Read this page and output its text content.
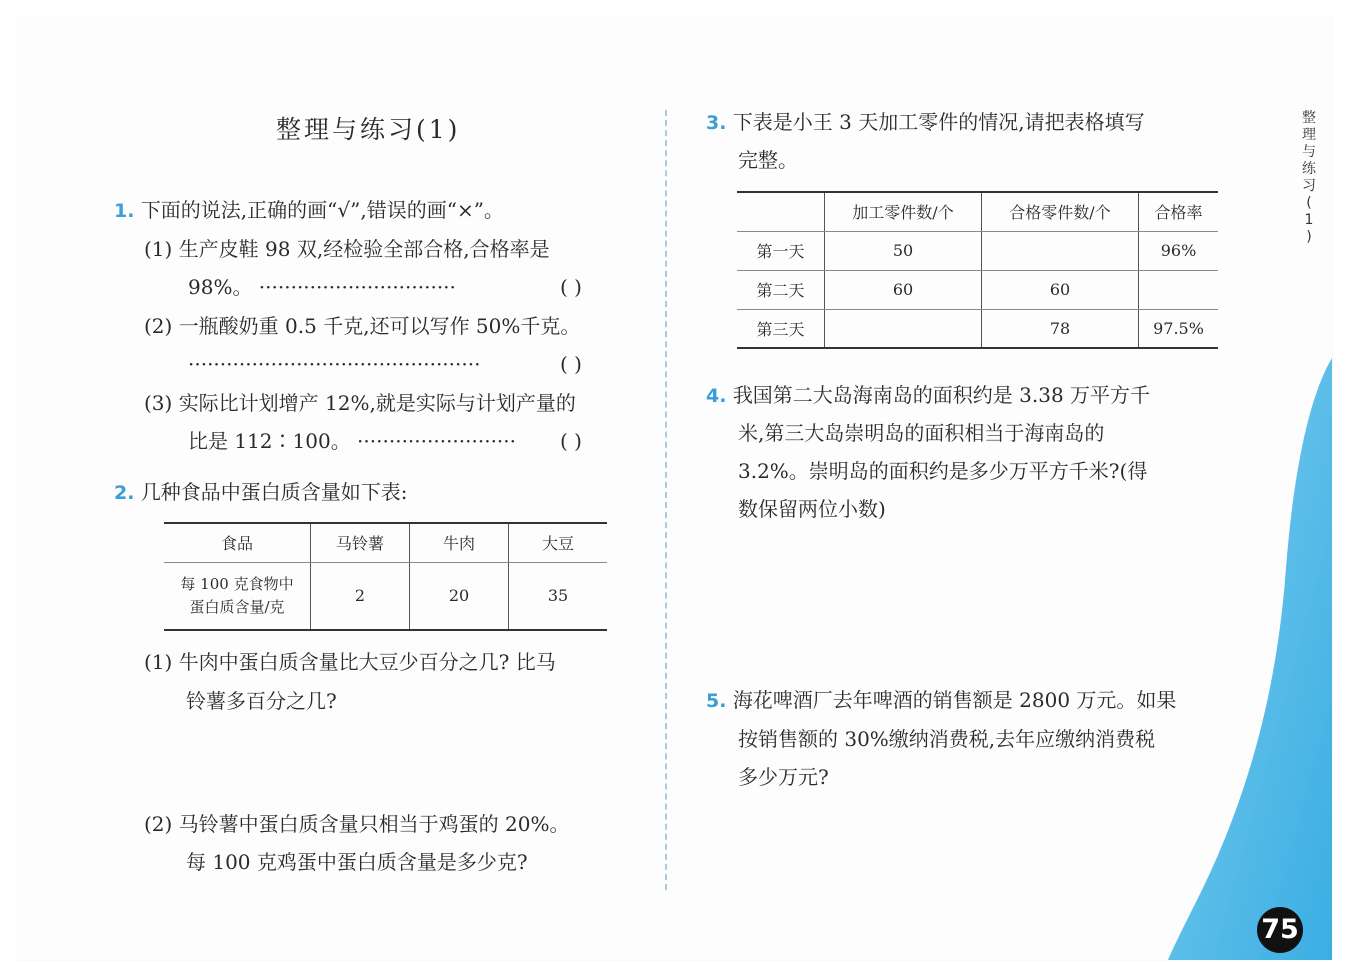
整理与练习(1)
1. 下面的说法,正确的画“√”,错误的画“×”。
(1) 生产皮鞋 98 双,经检验全部合格,合格率是
98%。 ·······························	( )
(2) 一瓶酸奶重 0.5 千克,还可以写作 50%千克。
··············································	( )
(3) 实际比计划增产 12%,就是实际与计划产量的
比是 112∶100。 ························· ( )
2. 几种食品中蛋白质含量如下表:
食品	马铃薯	牛肉	大豆

每 100 克食物中
蛋白质含量/克	2	20	35
(1) 牛肉中蛋白质含量比大豆少百分之几? 比马
铃薯多百分之几?
(2) 马铃薯中蛋白质含量只相当于鸡蛋的 20%。
每 100 克鸡蛋中蛋白质含量是多少克?
3. 下表是小王 3 天加工零件的情况,请把表格填写
完整。
	加工零件数/个	合格零件数/个	合格率
第一天	50		96%
第二天	60	60	
第三天		78	97.5%
4. 我国第二大岛海南岛的面积约是 3.38 万平方千
米,第三大岛崇明岛的面积相当于海南岛的
3.2%。崇明岛的面积约是多少万平方千米?(得
数保留两位小数)
5. 海花啤酒厂去年啤酒的销售额是 2800 万元。如果
按销售额的 30%缴纳消费税,去年应缴纳消费税
多少万元?
整
理
与
练
习
(
1
)
75
